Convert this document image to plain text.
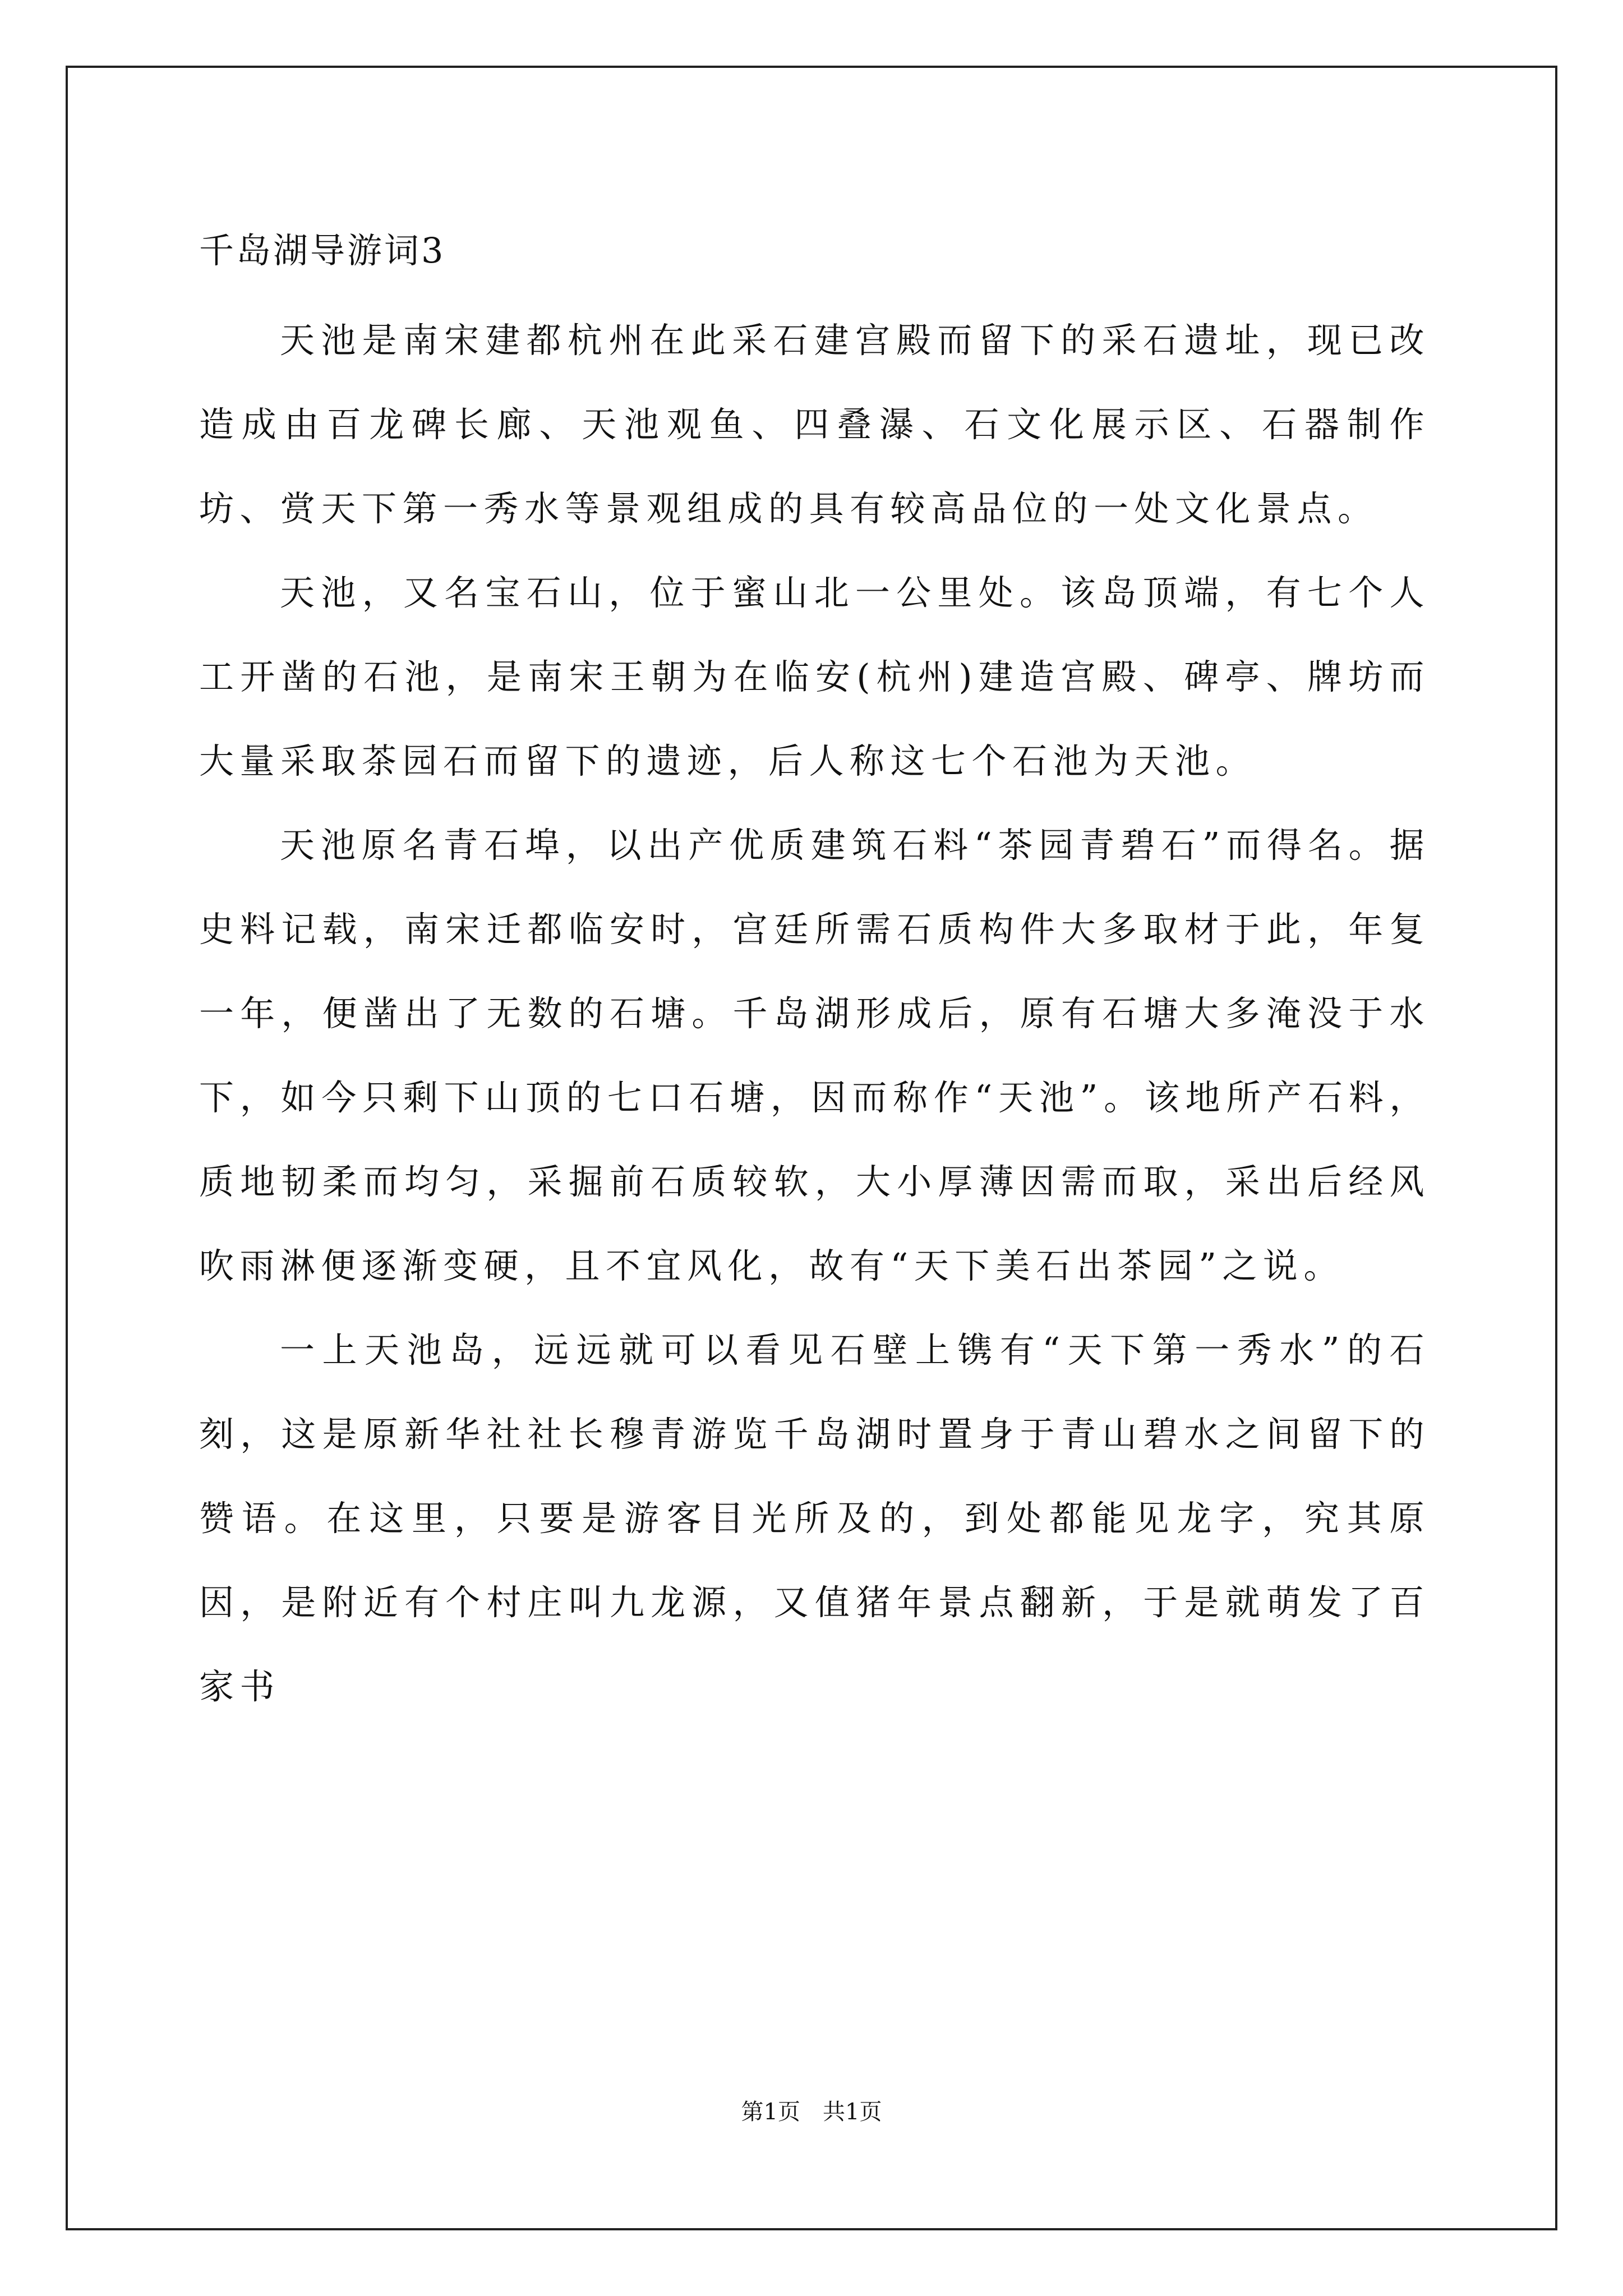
千岛湖导游词3

天池是南宋建都杭州在此采石建宫殿而留下的采石遗址，现已改造成由百龙碑长廊、天池观鱼、四叠瀑、石文化展示区、石器制作坊、赏天下第一秀水等景观组成的具有较高品位的一处文化景点。

天池，又名宝石山，位于蜜山北一公里处。该岛顶端，有七个人工开凿的石池，是南宋王朝为在临安(杭州)建造宫殿、碑亭、牌坊而大量采取茶园石而留下的遗迹，后人称这七个石池为天池。

天池原名青石埠，以出产优质建筑石料“茶园青碧石”而得名。据史料记载，南宋迁都临安时，宫廷所需石质构件大多取材于此，年复一年，便凿出了无数的石塘。千岛湖形成后，原有石塘大多淹没于水下，如今只剩下山顶的七口石塘，因而称作“天池”。该地所产石料，质地韧柔而均匀，采掘前石质较软，大小厚薄因需而取，采出后经风吹雨淋便逐渐变硬，且不宜风化，故有“天下美石出茶园”之说。

一上天池岛，远远就可以看见石壁上镌有“天下第一秀水”的石刻，这是原新华社社长穆青游览千岛湖时置身于青山碧水之间留下的赞语。在这里，只要是游客目光所及的，到处都能见龙字，究其原因，是附近有个村庄叫九龙源，又值猪年景点翻新，于是就萌发了百家书

第1页　共1页
